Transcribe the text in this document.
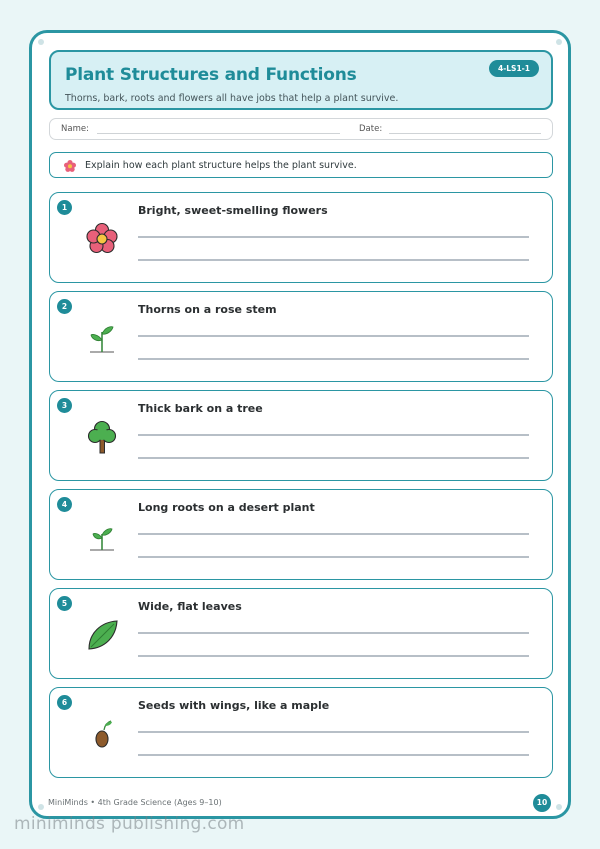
Plant Structures and Functions
Thorns, bark, roots and flowers all have jobs that help a plant survive.
4-LS1-1
Name:	Date:
Explain how each plant structure helps the plant survive.
1	Bright, sweet-smelling flowers
2	Thorns on a rose stem
3	Thick bark on a tree
4	Long roots on a desert plant
5	Wide, flat leaves
6	Seeds with wings, like a maple
MiniMinds • 4th Grade Science (Ages 9–10)	10
miniminds publishing.com
